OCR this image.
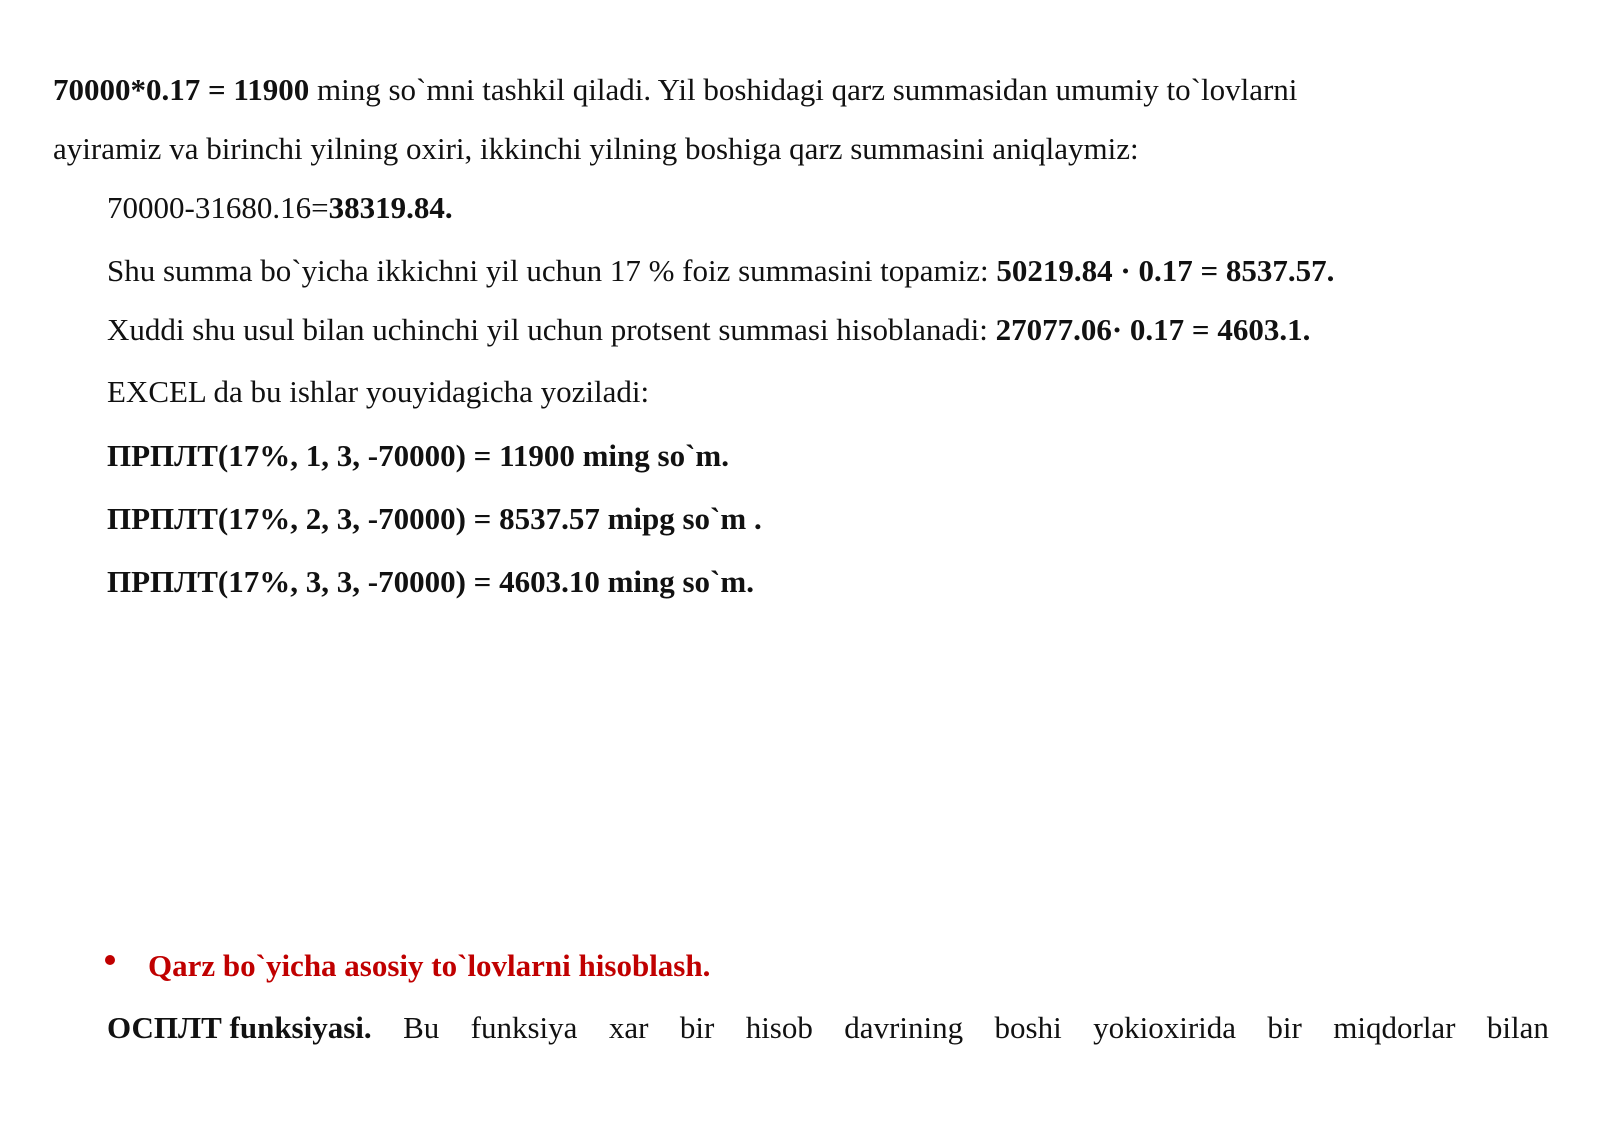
70000*0.17 = 11900 ming so`mni tashkil qiladi. Yil boshidagi qarz summasidan umumiy to`lovlarni
ayiramiz va birinchi yilning oxiri, ikkinchi yilning boshiga qarz summasini aniqlaymiz:
70000-31680.16=38319.84.
Shu summa bo`yicha ikkichni yil uchun 17 % foiz summasini topamiz: 50219.84 · 0.17 = 8537.57.
Xuddi shu usul bilan uchinchi yil uchun protsent summasi hisoblanadi: 27077.06· 0.17 = 4603.1.
EXCEL da bu ishlar youyidagicha yoziladi:
ПРПЛТ(17%, 1, 3, -70000) = 11900 ming so`m.
ПРПЛТ(17%, 2, 3, -70000) = 8537.57 mipg so`m .
ПРПЛТ(17%, 3, 3, -70000) = 4603.10 ming so`m.
Qarz bo`yicha asosiy to`lovlarni hisoblash.
ОСПЛТ funksiyasi. Bu funksiya xar bir hisob davrining boshi yokioxirida bir miqdorlar bilan
